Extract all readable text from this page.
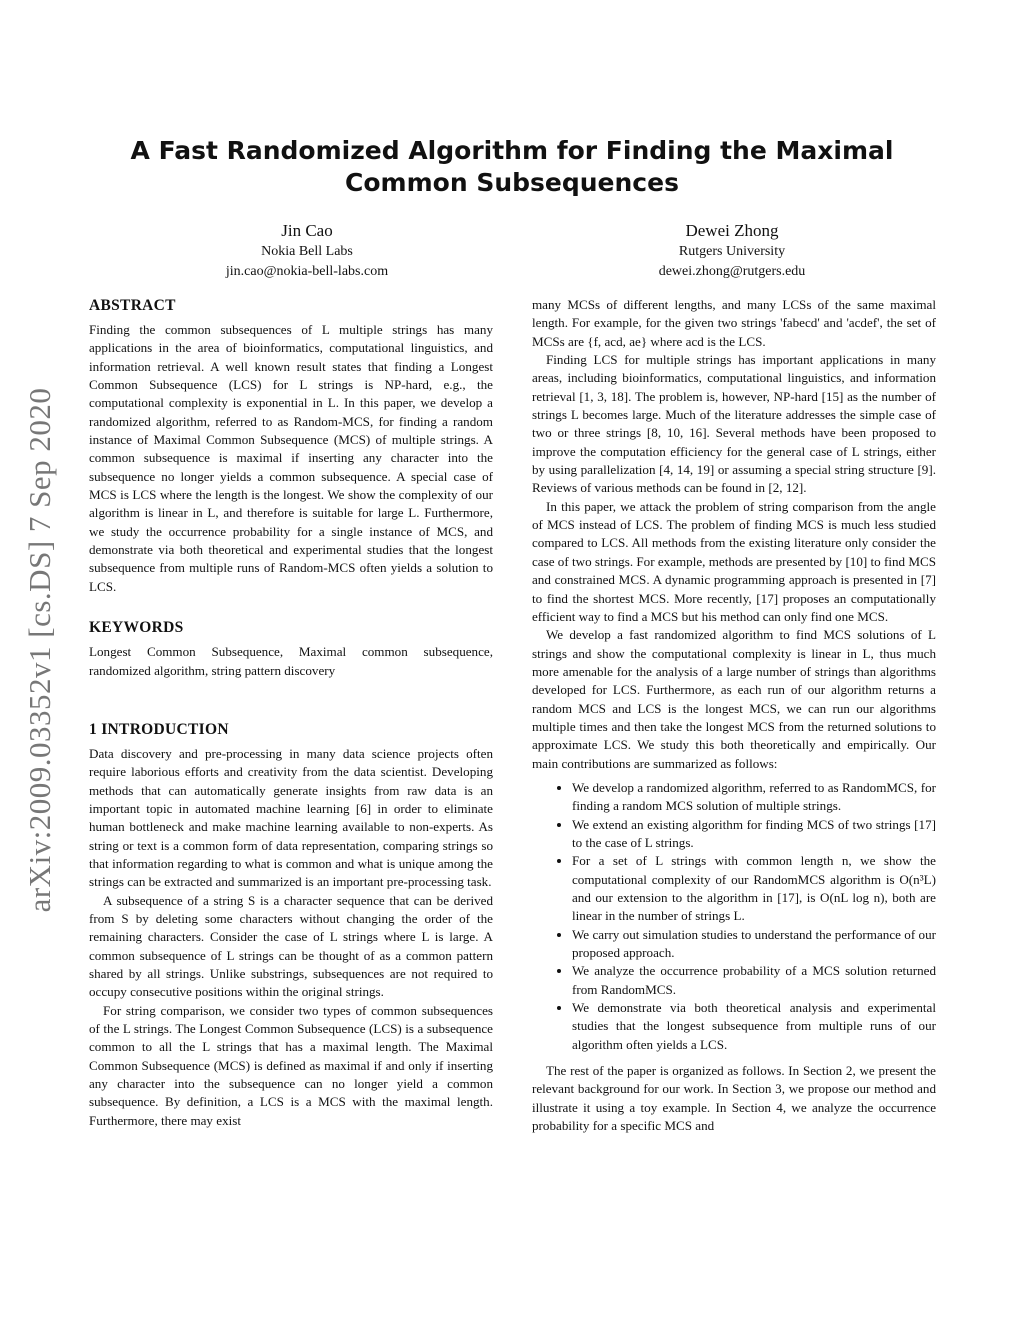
arXiv:2009.03352v1 [cs.DS] 7 Sep 2020
A Fast Randomized Algorithm for Finding the Maximal Common Subsequences
Jin Cao
Nokia Bell Labs
jin.cao@nokia-bell-labs.com
Dewei Zhong
Rutgers University
dewei.zhong@rutgers.edu
ABSTRACT

Finding the common subsequences of L multiple strings has many applications in the area of bioinformatics, computational linguistics, and information retrieval. A well known result states that finding a Longest Common Subsequence (LCS) for L strings is NP-hard, e.g., the computational complexity is exponential in L. In this paper, we develop a randomized algorithm, referred to as Random-MCS, for finding a random instance of Maximal Common Subsequence (MCS) of multiple strings. A common subsequence is maximal if inserting any character into the subsequence no longer yields a common subsequence. A special case of MCS is LCS where the length is the longest. We show the complexity of our algorithm is linear in L, and therefore is suitable for large L. Furthermore, we study the occurrence probability for a single instance of MCS, and demonstrate via both theoretical and experimental studies that the longest subsequence from multiple runs of Random-MCS often yields a solution to LCS.

KEYWORDS

Longest Common Subsequence, Maximal common subsequence, randomized algorithm, string pattern discovery

1 INTRODUCTION

Data discovery and pre-processing in many data science projects often require laborious efforts and creativity from the data scientist. Developing methods that can automatically generate insights from raw data is an important topic in automated machine learning [6] in order to eliminate human bottleneck and make machine learning available to non-experts. As string or text is a common form of data representation, comparing strings so that information regarding to what is common and what is unique among the strings can be extracted and summarized is an important pre-processing task.

A subsequence of a string S is a character sequence that can be derived from S by deleting some characters without changing the order of the remaining characters. Consider the case of L strings where L is large. A common subsequence of L strings can be thought of as a common pattern shared by all strings. Unlike substrings, subsequences are not required to occupy consecutive positions within the original strings.

For string comparison, we consider two types of common subsequences of the L strings. The Longest Common Subsequence (LCS) is a subsequence common to all the L strings that has a maximal length. The Maximal Common Subsequence (MCS) is defined as maximal if and only if inserting any character into the subsequence can no longer yield a common subsequence. By definition, a LCS is a MCS with the maximal length. Furthermore, there may exist

many MCSs of different lengths, and many LCSs of the same maximal length. For example, for the given two strings 'fabecd' and 'acdef', the set of MCSs are {f, acd, ae} where acd is the LCS.

Finding LCS for multiple strings has important applications in many areas, including bioinformatics, computational linguistics, and information retrieval [1, 3, 18]. The problem is, however, NP-hard [15] as the number of strings L becomes large. Much of the literature addresses the simple case of two or three strings [8, 10, 16]. Several methods have been proposed to improve the computation efficiency for the general case of L strings, either by using parallelization [4, 14, 19] or assuming a special string structure [9]. Reviews of various methods can be found in [2, 12].

In this paper, we attack the problem of string comparison from the angle of MCS instead of LCS. The problem of finding MCS is much less studied compared to LCS. All methods from the existing literature only consider the case of two strings. For example, methods are presented by [10] to find MCS and constrained MCS. A dynamic programming approach is presented in [7] to find the shortest MCS. More recently, [17] proposes an computationally efficient way to find a MCS but his method can only find one MCS.

We develop a fast randomized algorithm to find MCS solutions of L strings and show the computational complexity is linear in L, thus much more amenable for the analysis of a large number of strings than algorithms developed for LCS. Furthermore, as each run of our algorithm returns a random MCS and LCS is the longest MCS, we can run our algorithms multiple times and then take the longest MCS from the returned solutions to approximate LCS. We study this both theoretically and empirically. Our main contributions are summarized as follows:

• We develop a randomized algorithm, referred to as RandomMCS, for finding a random MCS solution of multiple strings.
• We extend an existing algorithm for finding MCS of two strings [17] to the case of L strings.
• For a set of L strings with common length n, we show the computational complexity of our RandomMCS algorithm is O(n³L) and our extension to the algorithm in [17], is O(nL log n), both are linear in the number of strings L.
• We carry out simulation studies to understand the performance of our proposed approach.
• We analyze the occurrence probability of a MCS solution returned from RandomMCS.
• We demonstrate via both theoretical analysis and experimental studies that the longest subsequence from multiple runs of our algorithm often yields a LCS.

The rest of the paper is organized as follows. In Section 2, we present the relevant background for our work. In Section 3, we propose our method and illustrate it using a toy example. In Section 4, we analyze the occurrence probability for a specific MCS and
